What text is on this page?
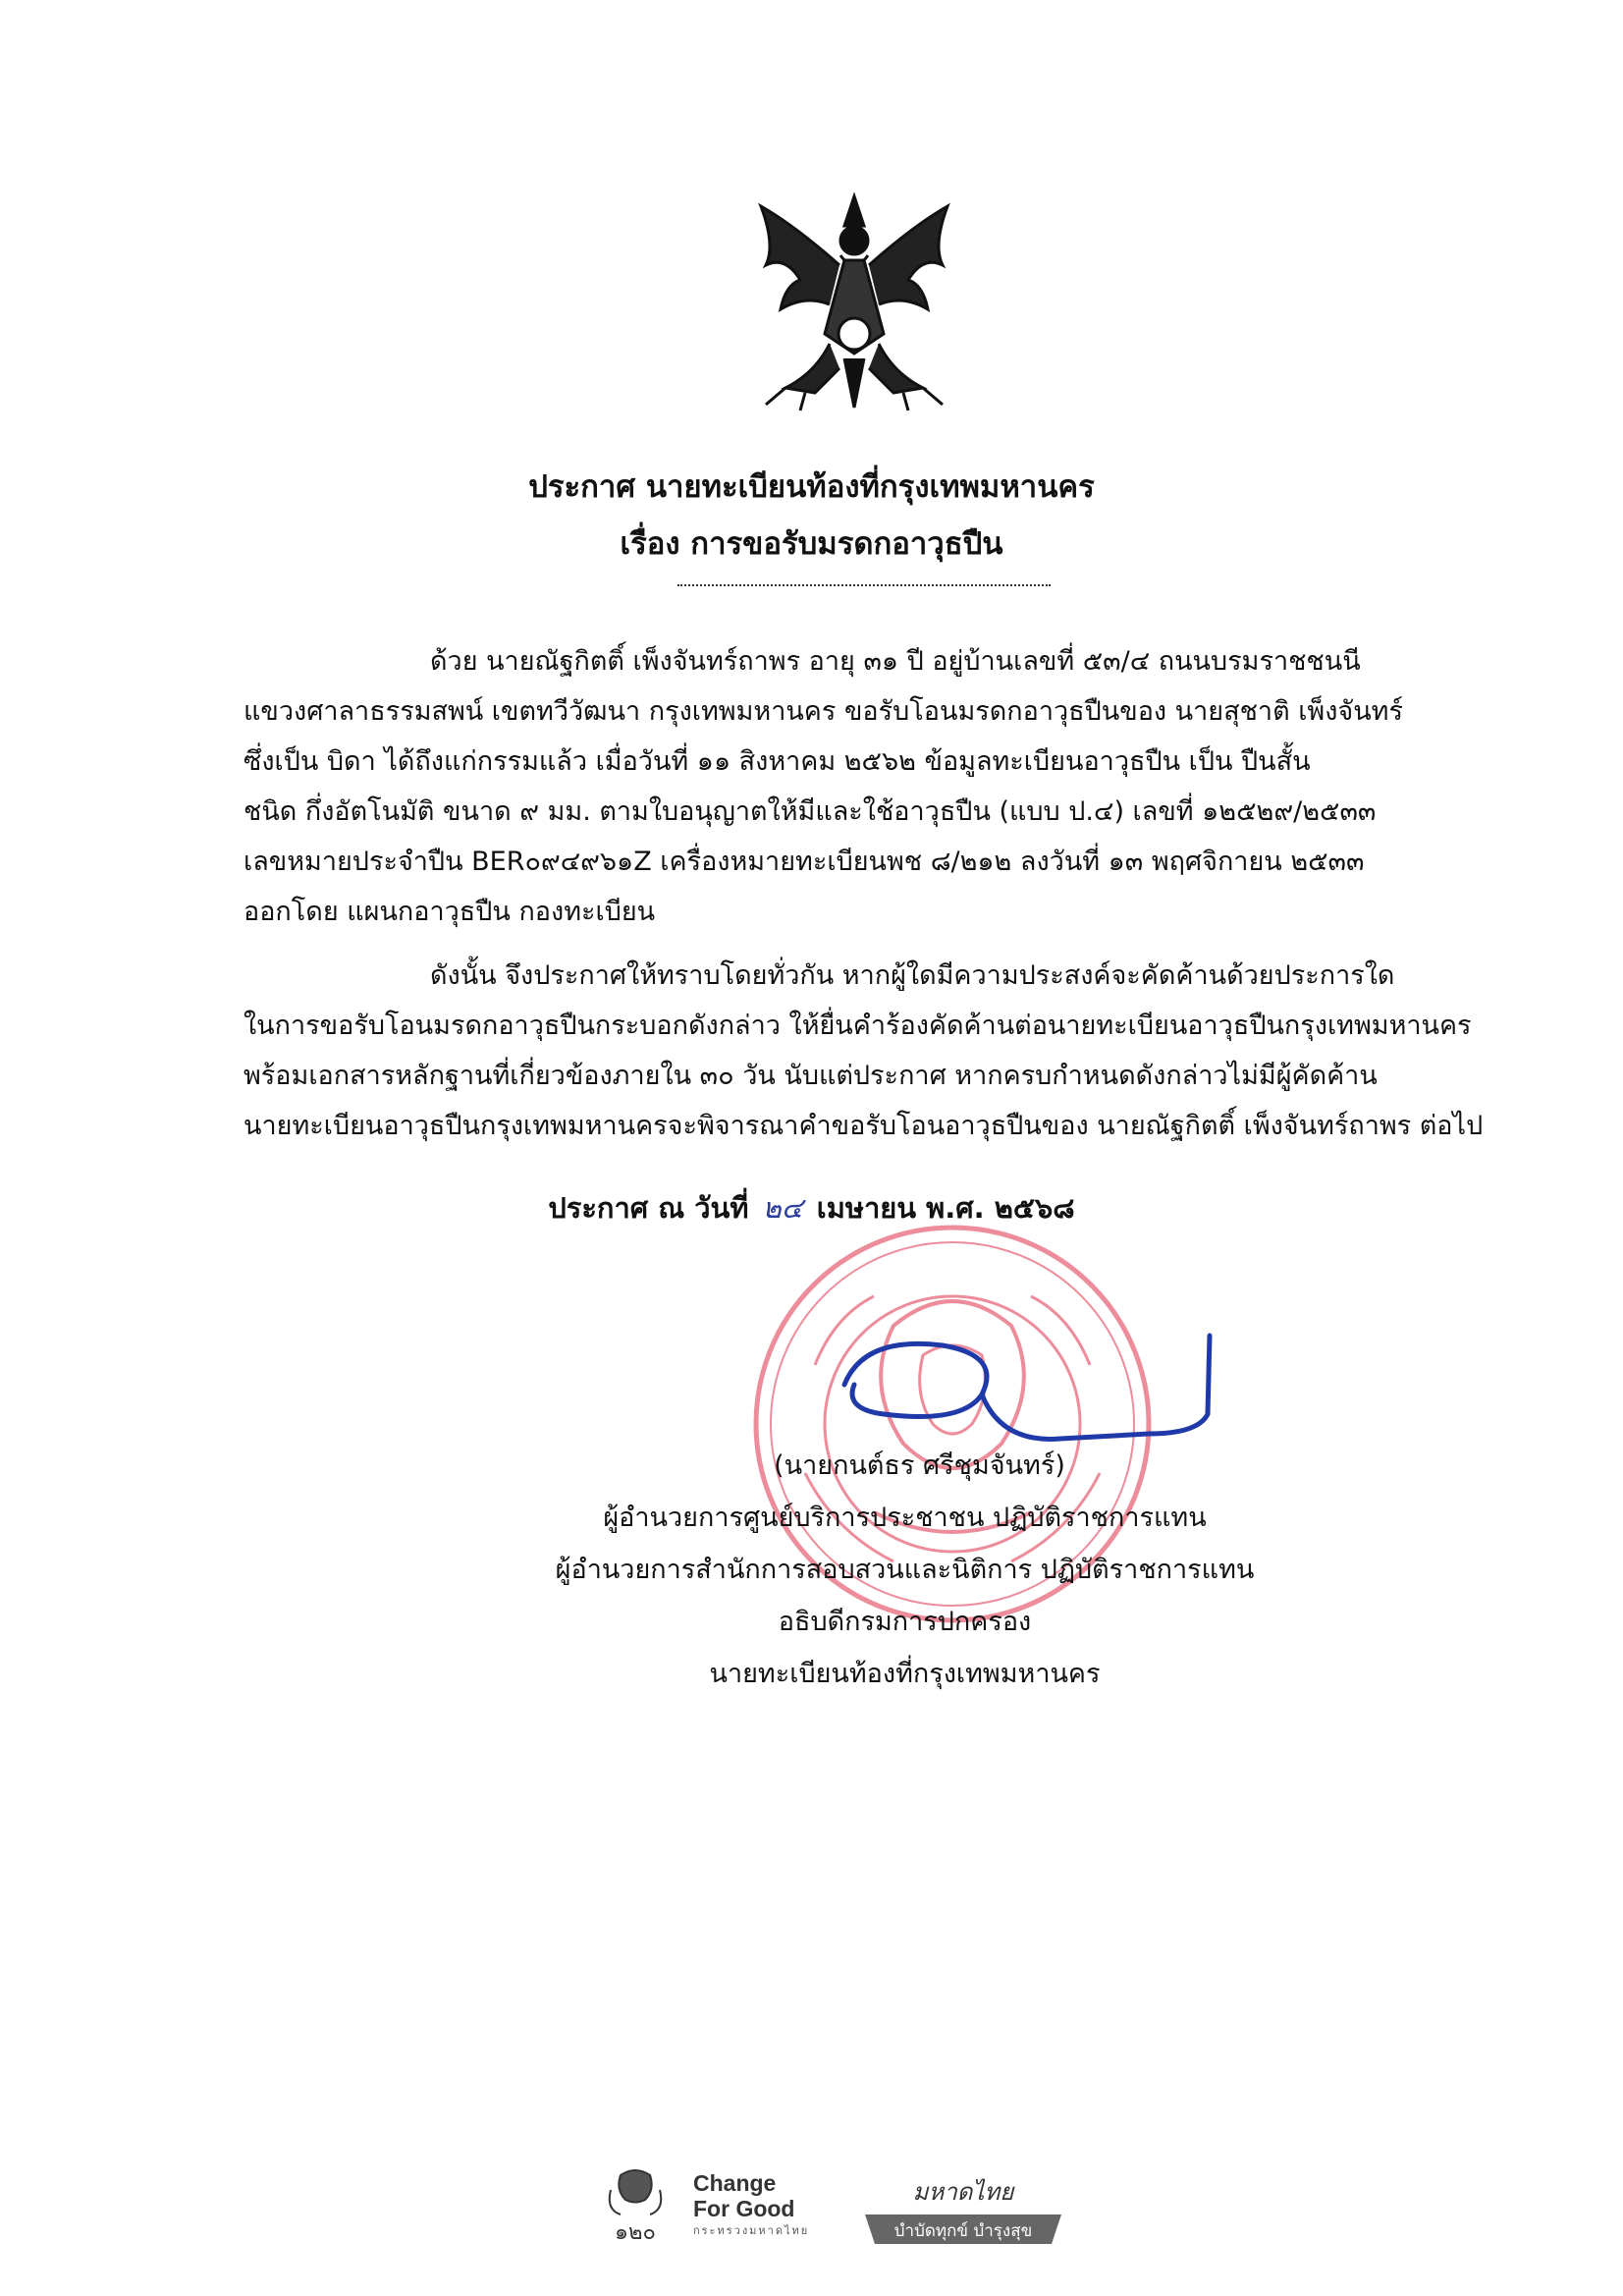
ประกาศ นายทะเบียนท้องที่กรุงเทพมหานคร
เรื่อง การขอรับมรดกอาวุธปืน
ด้วย นายณัฐกิตติ์ เพ็งจันทร์ถาพร อายุ ๓๑ ปี อยู่บ้านเลขที่ ๕๓/๔ ถนนบรมราชชนนี
แขวงศาลาธรรมสพน์ เขตทวีวัฒนา กรุงเทพมหานคร ขอรับโอนมรดกอาวุธปืนของ นายสุชาติ เพ็งจันทร์
ซึ่งเป็น บิดา ได้ถึงแก่กรรมแล้ว เมื่อวันที่ ๑๑ สิงหาคม ๒๕๖๒ ข้อมูลทะเบียนอาวุธปืน เป็น ปืนสั้น
ชนิด กึ่งอัตโนมัติ ขนาด ๙ มม. ตามใบอนุญาตให้มีและใช้อาวุธปืน (แบบ ป.๔) เลขที่ ๑๒๕๒๙/๒๕๓๓
เลขหมายประจำปืน BER๐๙๔๙๖๑Z เครื่องหมายทะเบียนพช ๘/๒๑๒ ลงวันที่ ๑๓ พฤศจิกายน ๒๕๓๓
ออกโดย แผนกอาวุธปืน กองทะเบียน
ดังนั้น จึงประกาศให้ทราบโดยทั่วกัน หากผู้ใดมีความประสงค์จะคัดค้านด้วยประการใด
ในการขอรับโอนมรดกอาวุธปืนกระบอกดังกล่าว ให้ยื่นคำร้องคัดค้านต่อนายทะเบียนอาวุธปืนกรุงเทพมหานคร
พร้อมเอกสารหลักฐานที่เกี่ยวข้องภายใน ๓๐ วัน นับแต่ประกาศ หากครบกำหนดดังกล่าวไม่มีผู้คัดค้าน
นายทะเบียนอาวุธปืนกรุงเทพมหานครจะพิจารณาคำขอรับโอนอาวุธปืนของ นายณัฐกิตติ์ เพ็งจันทร์ถาพร ต่อไป
ประกาศ ณ วันที่ ๒๔ เมษายน พ.ศ. ๒๕๖๘
(นายกนต์ธร ศรีชุมจันทร์)
ผู้อำนวยการศูนย์บริการประชาชน ปฏิบัติราชการแทน
ผู้อำนวยการสำนักการสอบสวนและนิติการ ปฏิบัติราชการแทน
อธิบดีกรมการปกครอง
นายทะเบียนท้องที่กรุงเทพมหานคร
๑๒๐
Change
For Good
กระทรวงมหาดไทย
มหาดไทย
บำบัดทุกข์ บำรุงสุข
